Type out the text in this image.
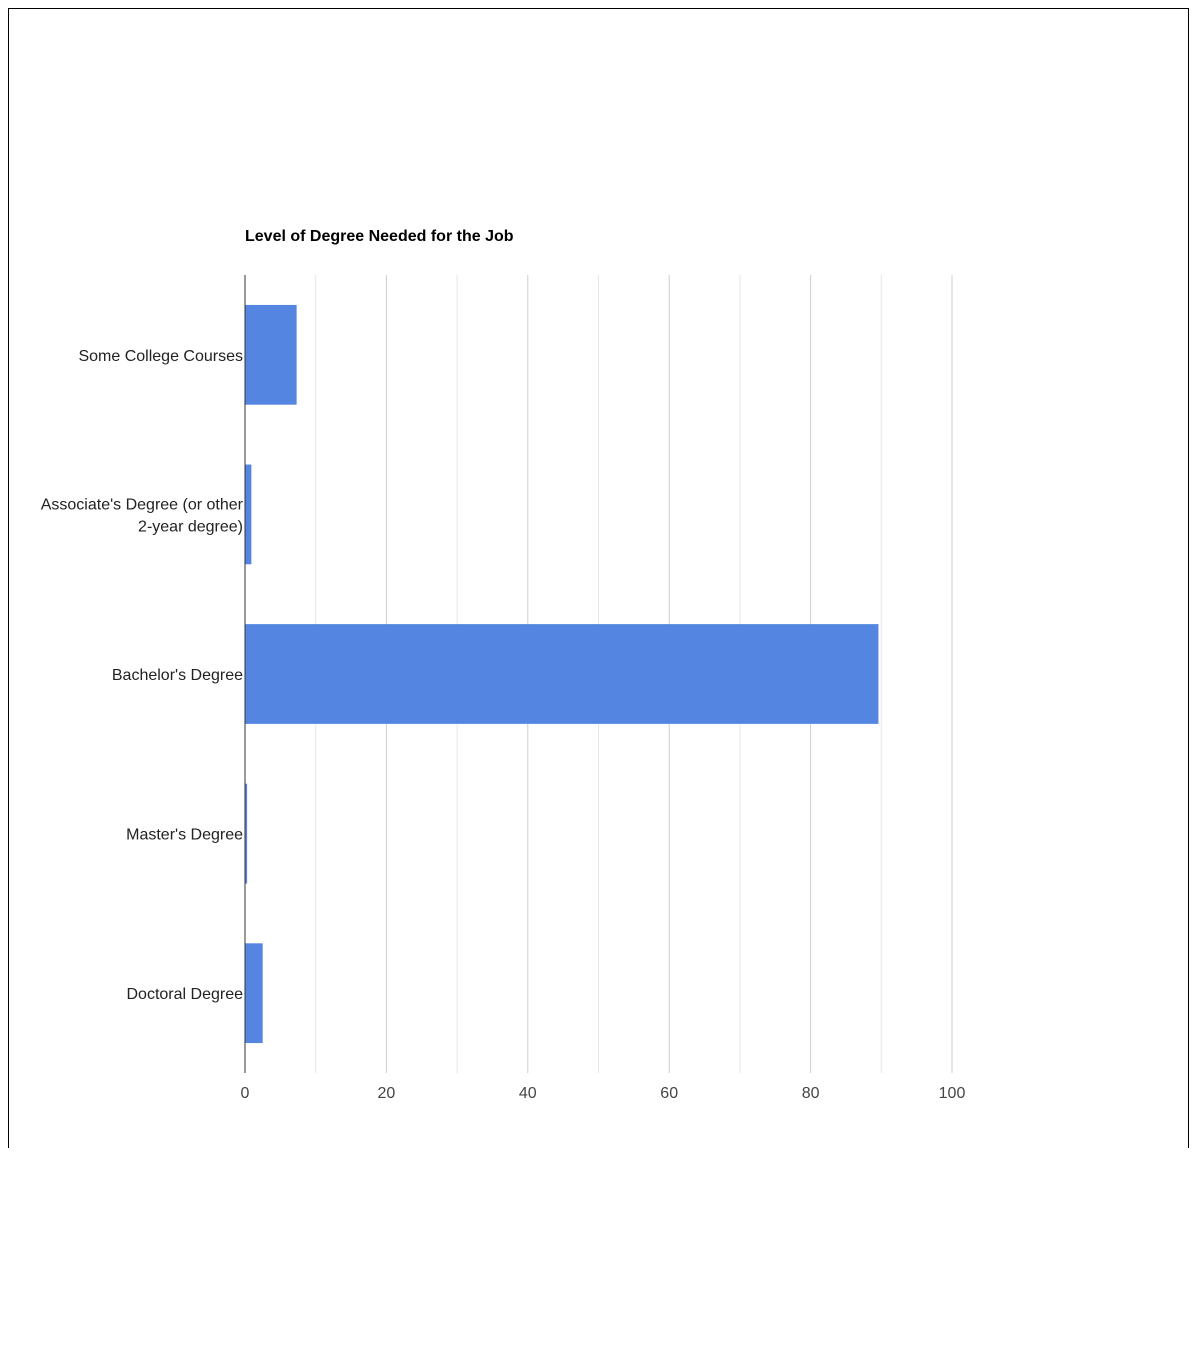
Level of Degree Needed for the Job
Some College Courses
Associate's Degree (or other
2-year degree)
Bachelor's Degree
Master's Degree
Doctoral Degree
0	20	40	60	80	100
